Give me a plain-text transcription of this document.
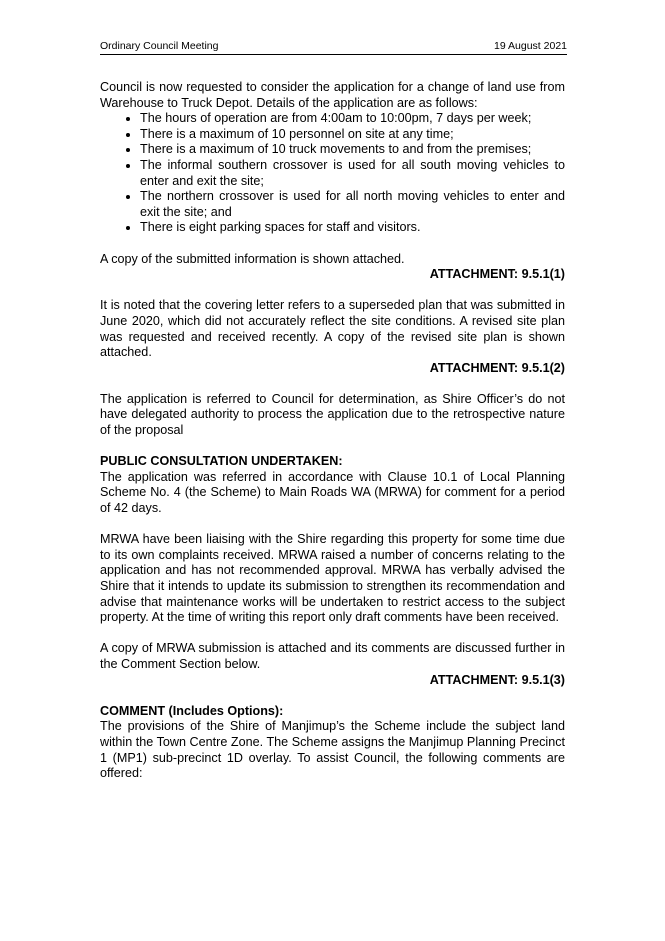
Ordinary Council Meeting	19 August 2021

Council is now requested to consider the application for a change of land use from Warehouse to Truck Depot. Details of the application are as follows:

• The hours of operation are from 4:00am to 10:00pm, 7 days per week;
• There is a maximum of 10 personnel on site at any time;
• There is a maximum of 10 truck movements to and from the premises;
• The informal southern crossover is used for all south moving vehicles to enter and exit the site;
• The northern crossover is used for all north moving vehicles to enter and exit the site; and
• There is eight parking spaces for staff and visitors.

A copy of the submitted information is shown attached.

ATTACHMENT: 9.5.1(1)

It is noted that the covering letter refers to a superseded plan that was submitted in June 2020, which did not accurately reflect the site conditions. A revised site plan was requested and received recently. A copy of the revised site plan is shown attached.

ATTACHMENT: 9.5.1(2)

The application is referred to Council for determination, as Shire Officer’s do not have delegated authority to process the application due to the retrospective nature of the proposal

PUBLIC CONSULTATION UNDERTAKEN:

The application was referred in accordance with Clause 10.1 of Local Planning Scheme No. 4 (the Scheme) to Main Roads WA (MRWA) for comment for a period of 42 days.

MRWA have been liaising with the Shire regarding this property for some time due to its own complaints received. MRWA raised a number of concerns relating to the application and has not recommended approval. MRWA has verbally advised the Shire that it intends to update its submission to strengthen its recommendation and advise that maintenance works will be undertaken to restrict access to the subject property. At the time of writing this report only draft comments have been received.

A copy of MRWA submission is attached and its comments are discussed further in the Comment Section below.

ATTACHMENT: 9.5.1(3)

COMMENT (Includes Options):

The provisions of the Shire of Manjimup’s the Scheme include the subject land within the Town Centre Zone. The Scheme assigns the Manjimup Planning Precinct 1 (MP1) sub-precinct 1D overlay. To assist Council, the following comments are offered:
